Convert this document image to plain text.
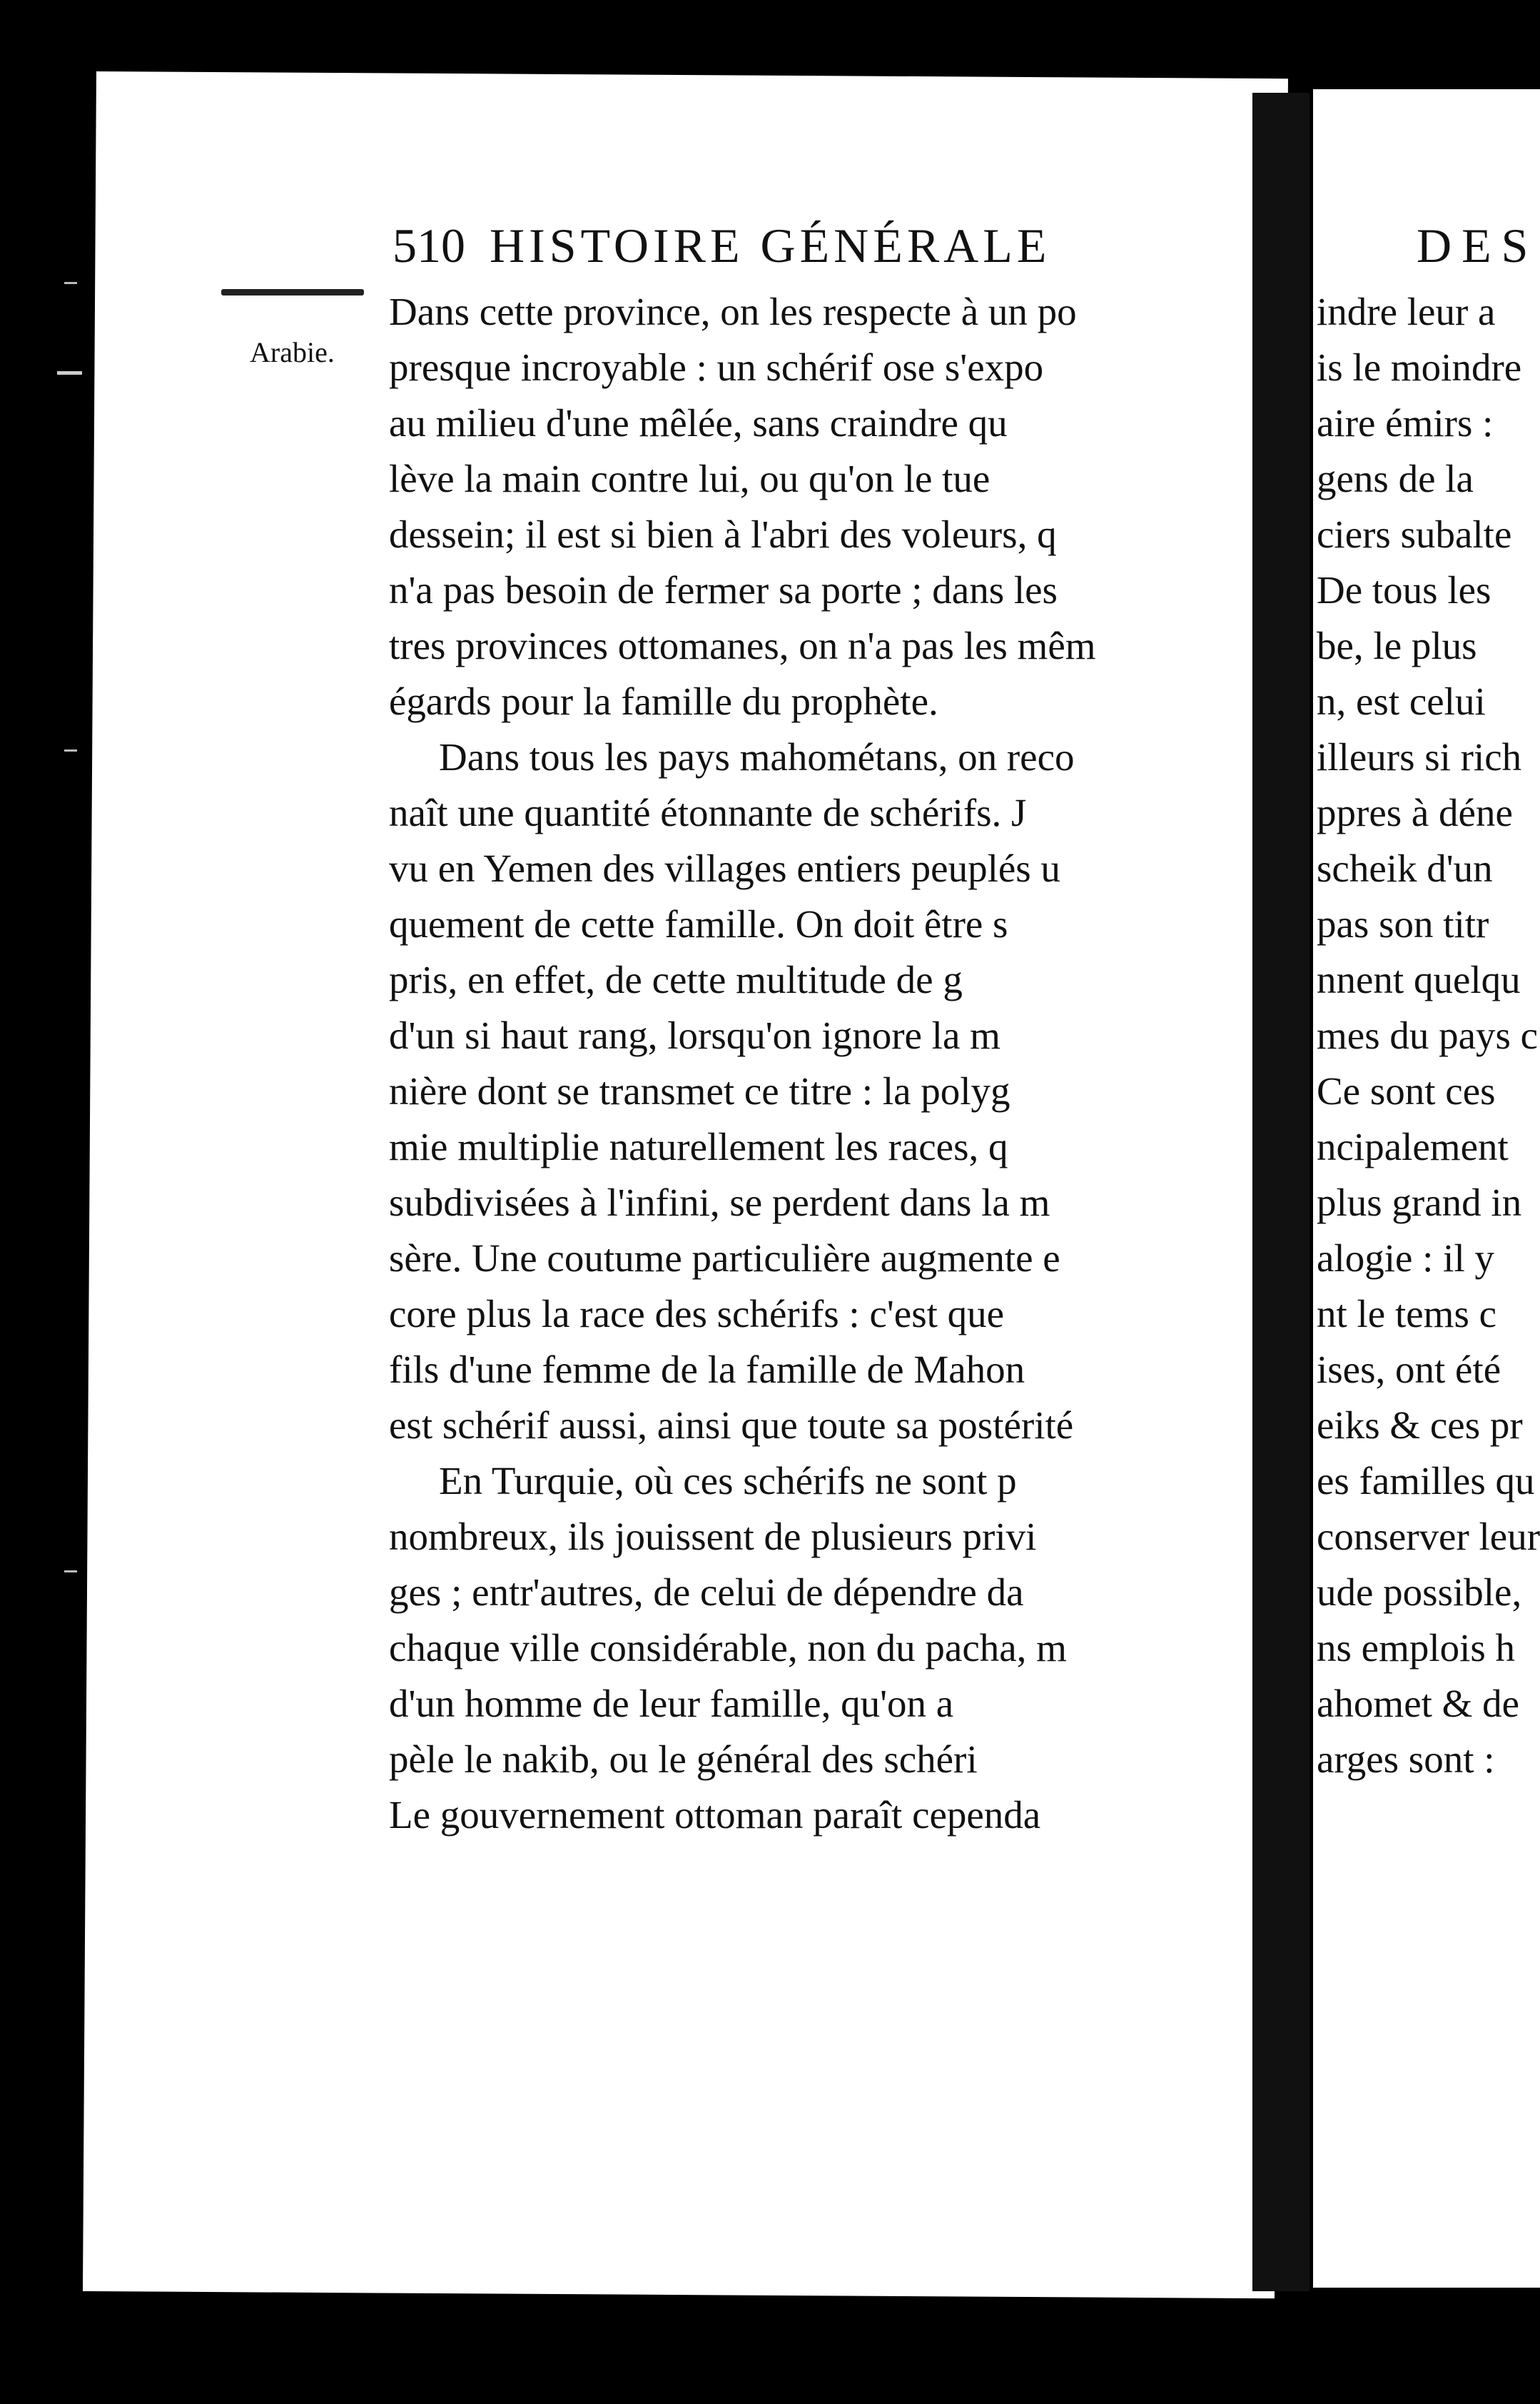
510 HISTOIRE GÉNÉRALE	DES
Arabie.
Dans cette province, on les respecte à un po
presque incroyable : un schérif ose s'expo
au milieu d'une mêlée, sans craindre qu
lève la main contre lui, ou qu'on le tue
dessein; il est si bien à l'abri des voleurs, q
n'a pas besoin de fermer sa porte ; dans les
tres provinces ottomanes, on n'a pas les mêm
égards pour la famille du prophète.
Dans tous les pays mahométans, on reco
naît une quantité étonnante de schérifs. J
vu en Yemen des villages entiers peuplés u
quement de cette famille. On doit être s
pris, en effet, de cette multitude de g
d'un si haut rang, lorsqu'on ignore la m
nière dont se transmet ce titre : la polyg
mie multiplie naturellement les races, q
subdivisées à l'infini, se perdent dans la m
sère. Une coutume particulière augmente e
core plus la race des schérifs : c'est que
fils d'une femme de la famille de Mahon
est schérif aussi, ainsi que toute sa postérité
En Turquie, où ces schérifs ne sont p
nombreux, ils jouissent de plusieurs privi
ges ; entr'autres, de celui de dépendre da
chaque ville considérable, non du pacha, m
d'un homme de leur famille, qu'on a
pèle le nakib, ou le général des schéri
Le gouvernement ottoman paraît cependa
indre leur a
is le moindre
aire émirs :
gens de la
ciers subalte
De tous les
be, le plus
n, est celui
illeurs si rich
ppres à déne
scheik d'un
pas son titr
nnent quelqu
mes du pays c
Ce sont ces
ncipalement
plus grand in
alogie : il y
nt le tems c
ises, ont été
eiks & ces pr
es familles qu
conserver leur
ude possible,
ns emplois h
ahomet & de
arges sont :
